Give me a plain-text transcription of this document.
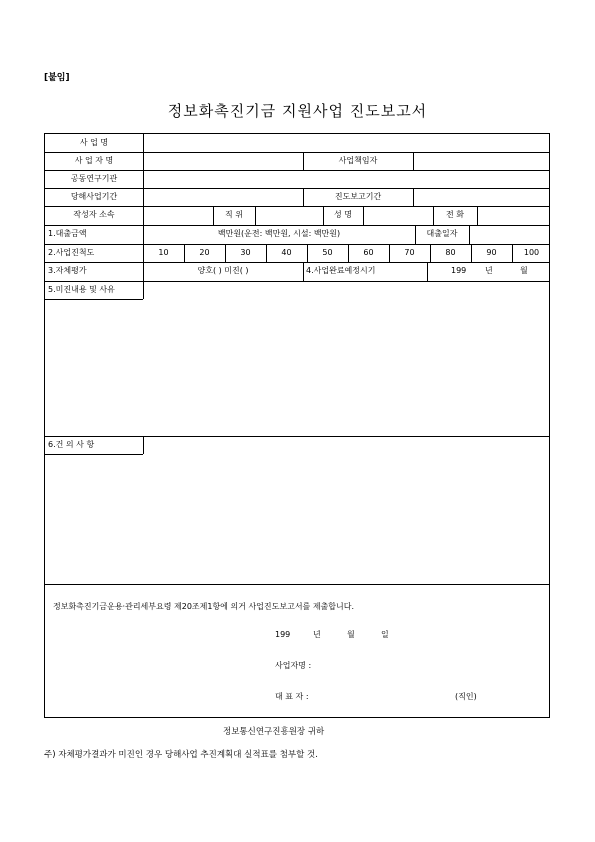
[붙임]
정보화촉진기금 지원사업 진도보고서
사 업 명
사 업 자 명	사업책임자
공동연구기관
당해사업기간	진도보고기간
작성자 소속	직 위	성 명	전 화
1.대출금액	백만원(운전: 백만원, 시설: 백만원)	대출일자
2.사업진척도	10	20	30	40	50	60	70	80	90	100
3.자체평가	양호( ) 미진( )	4.사업완료예정시기	199 년	월
5.미진내용 및 사유
6.건 의 사 항
정보화촉진기금운용·관리세부요령 제20조제1항에 의거 사업진도보고서를 제출합니다.
199	년	월	일
사업자명 :
대 표 자 :	(직인)
정보통신연구진흥원장 귀하
주) 자체평가결과가 미진인 경우 당해사업 추진계획대 실적표를 첨부할 것.
